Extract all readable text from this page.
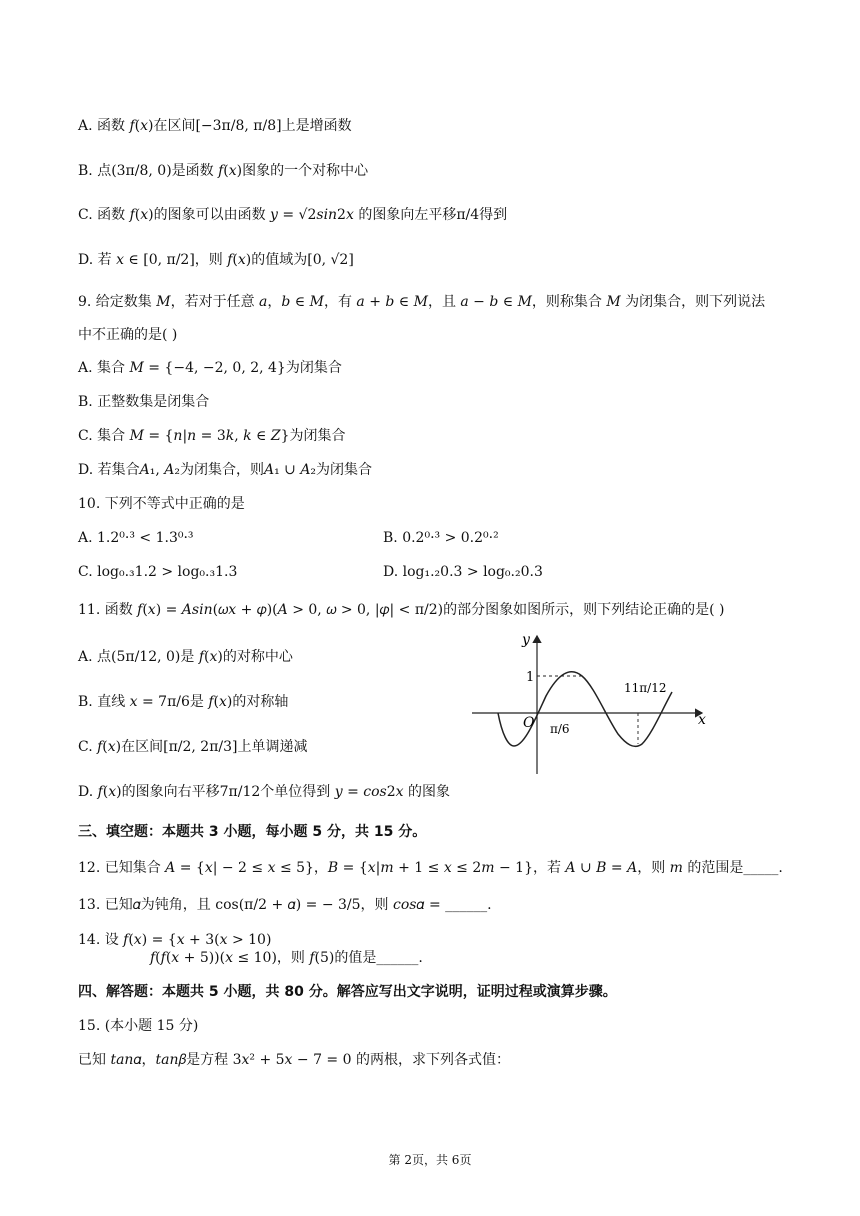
A. 函数 𝑓(𝑥)在区间[−3π/8, π/8]上是增函数
B. 点(3π/8, 0)是函数 𝑓(𝑥)图象的一个对称中心
C. 函数 𝑓(𝑥)的图象可以由函数 𝑦 = √2𝑠𝑖𝑛2𝑥 的图象向左平移π/4得到
D. 若 𝑥 ∈ [0, π/2]，则 𝑓(𝑥)的值域为[0, √2]
9. 给定数集 𝑀，若对于任意 𝑎，𝑏 ∈ 𝑀，有 𝑎 + 𝑏 ∈ 𝑀，且 𝑎 − 𝑏 ∈ 𝑀，则称集合 𝑀 为闭集合，则下列说法
中不正确的是( )
A. 集合 𝑀 = {−4, −2, 0, 2, 4}为闭集合
B. 正整数集是闭集合
C. 集合 𝑀 = {𝑛|𝑛 = 3𝑘, 𝑘 ∈ 𝑍}为闭集合
D. 若集合𝐴₁, 𝐴₂为闭集合，则𝐴₁ ∪ 𝐴₂为闭集合
10. 下列不等式中正确的是
A. 1.2⁰·³ < 1.3⁰·³	B. 0.2⁰·³ > 0.2⁰·²
C. log₀.₃1.2 > log₀.₃1.3	D. log₁.₂0.3 > log₀.₂0.3
11. 函数 𝑓(𝑥) = 𝐴𝑠𝑖𝑛(𝜔𝑥 + 𝜑)(𝐴 > 0, 𝜔 > 0, |𝜑| < π/2)的部分图象如图所示，则下列结论正确的是( )
A. 点(5π/12, 0)是 𝑓(𝑥)的对称中心
B. 直线 𝑥 = 7π/6是 𝑓(𝑥)的对称轴
C. 𝑓(𝑥)在区间[π/2, 2π/3]上单调递减
D. 𝑓(𝑥)的图象向右平移7π/12个单位得到 𝑦 = 𝑐𝑜𝑠2𝑥 的图象
y
x
O
1
π/6
11π/12
三、填空题：本题共 3 小题，每小题 5 分，共 15 分。
12. 已知集合 𝐴 = {𝑥| − 2 ≤ 𝑥 ≤ 5}，𝐵 = {𝑥|𝑚 + 1 ≤ 𝑥 ≤ 2𝑚 − 1}，若 𝐴 ∪ 𝐵 = 𝐴，则 𝑚 的范围是_____.
13. 已知𝛼为钝角，且 cos(π/2 + 𝛼) = − 3/5，则 𝑐𝑜𝑠𝛼 = ______.
14. 设 𝑓(𝑥) = {𝑥 + 3(𝑥 > 10)
𝑓(𝑓(𝑥 + 5))(𝑥 ≤ 10)，则 𝑓(5)的值是______.
四、解答题：本题共 5 小题，共 80 分。解答应写出文字说明，证明过程或演算步骤。
15. (本小题 15 分)
已知 𝑡𝑎𝑛𝛼，𝑡𝑎𝑛𝛽是方程 3𝑥² + 5𝑥 − 7 = 0 的两根，求下列各式值：
第 2页，共 6页
